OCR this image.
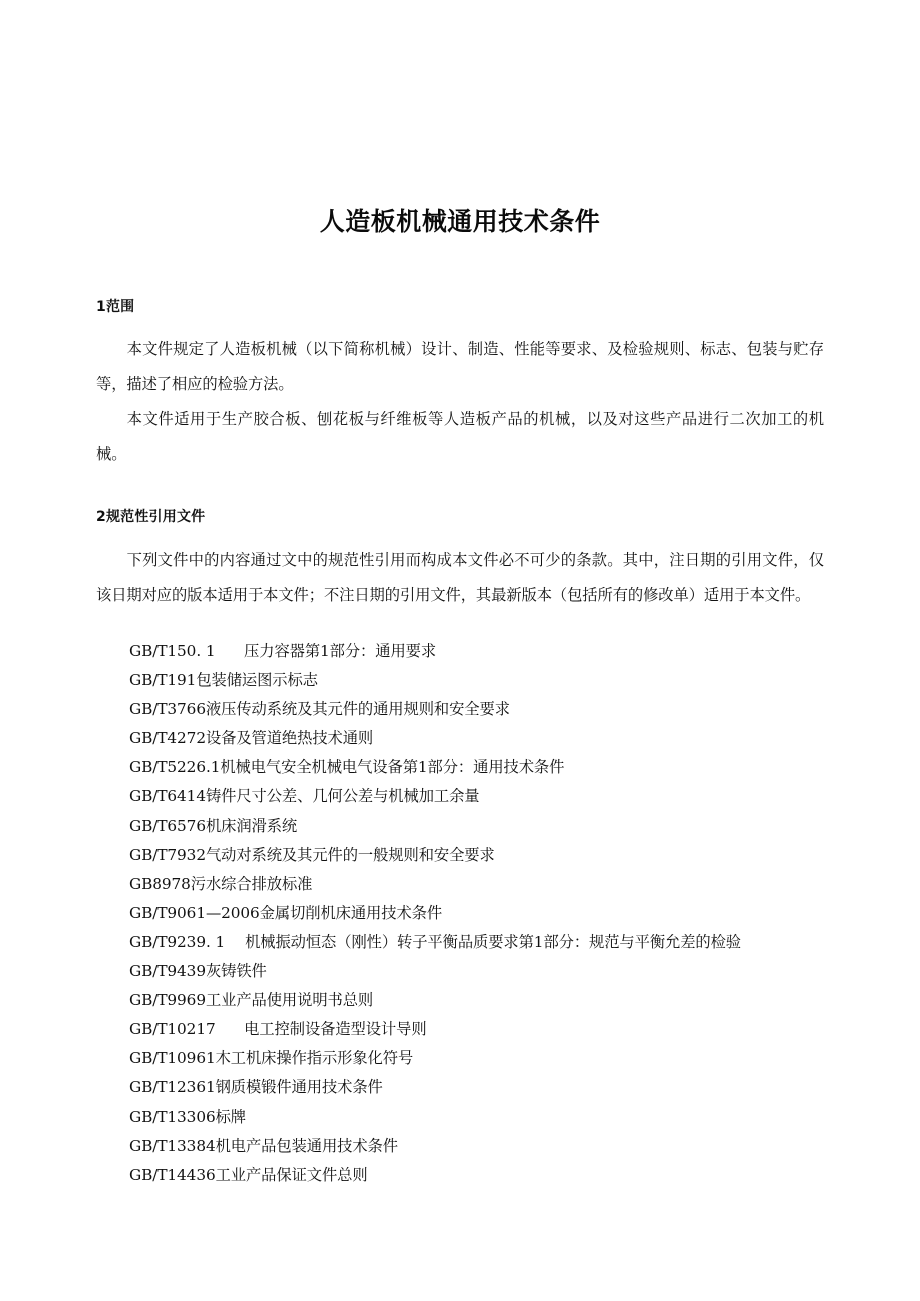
人造板机械通用技术条件
1范围

本文件规定了人造板机械（以下简称机械）设计、制造、性能等要求、及检验规则、标志、包装与贮存等，描述了相应的检验方法。

本文件适用于生产胶合板、刨花板与纤维板等人造板产品的机械，以及对这些产品进行二次加工的机械。

2规范性引用文件

下列文件中的内容通过文中的规范性引用而构成本文件必不可少的条款。其中，注日期的引用文件，仅该日期对应的版本适用于本文件；不注日期的引用文件，其最新版本（包括所有的修改单）适用于本文件。

GB/T150. 1      压力容器第1部分：通用要求
GB/T191包装储运图示标志
GB/T3766液压传动系统及其元件的通用规则和安全要求
GB/T4272设备及管道绝热技术通则
GB/T5226.1机械电气安全机械电气设备第1部分：通用技术条件
GB/T6414铸件尺寸公差、几何公差与机械加工余量
GB/T6576机床润滑系统
GB/T7932气动对系统及其元件的一般规则和安全要求
GB8978污水综合排放标准
GB/T9061—2006金属切削机床通用技术条件
GB/T9239. 1　 机械振动恒态（刚性）转子平衡品质要求第1部分：规范与平衡允差的检验
GB/T9439灰铸铁件
GB/T9969工业产品使用说明书总则
GB/T10217      电工控制设备造型设计导则
GB/T10961木工机床操作指示形象化符号
GB/T12361钢质模锻件通用技术条件
GB/T13306标牌
GB/T13384机电产品包装通用技术条件
GB/T14436工业产品保证文件总则
